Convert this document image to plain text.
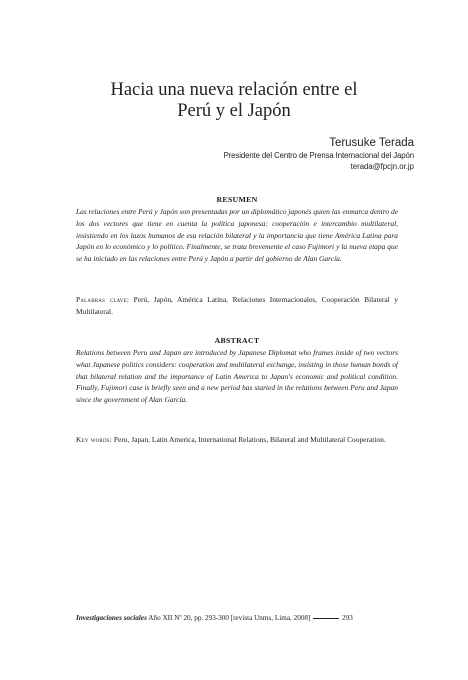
Hacia una nueva relación entre el
Perú y el Japón
Terusuke Terada
Presidente del Centro de Prensa Internacional del Japón
terada@fpcjn.or.jp
RESUMEN

Las relaciones entre Perú y Japón son presentadas por un diplomático japonés quien las enmarca dentro de los dos vectores que tiene en cuenta la política japonesa: cooperación e intercambio multilateral, insistiendo en los lazos humanos de esa relación bilateral y la importancia que tiene América Latina para Japón en lo económico y lo político. Finalmente, se trata brevemente el caso Fujimori y la nueva etapa que se ha iniciado en las relaciones entre Perú y Japón a partir del gobierno de Alan García.

Palabras clave: Perú, Japón, América Latina, Relaciones Internacionales, Cooperación Bilateral y Multilateral.

ABSTRACT

Relations between Peru and Japan are introduced by Japanese Diplomat who frames inside of two vectors what Japanese politics considers: cooperation and multilateral exchange, insisting in those human bonds of that bilateral relation and the importance of Latin America to Japan's economic and political condition. Finally, Fujimori case is briefly seen and a new period has started in the relations between Peru and Japan since the government of Alan García.

Key words: Peru, Japan, Latin America, International Relations, Bilateral and Multilateral Cooperation.

Investigaciones sociales Año XII Nº 20, pp. 293-300 [revista Unms, Lima, 2008]	293
